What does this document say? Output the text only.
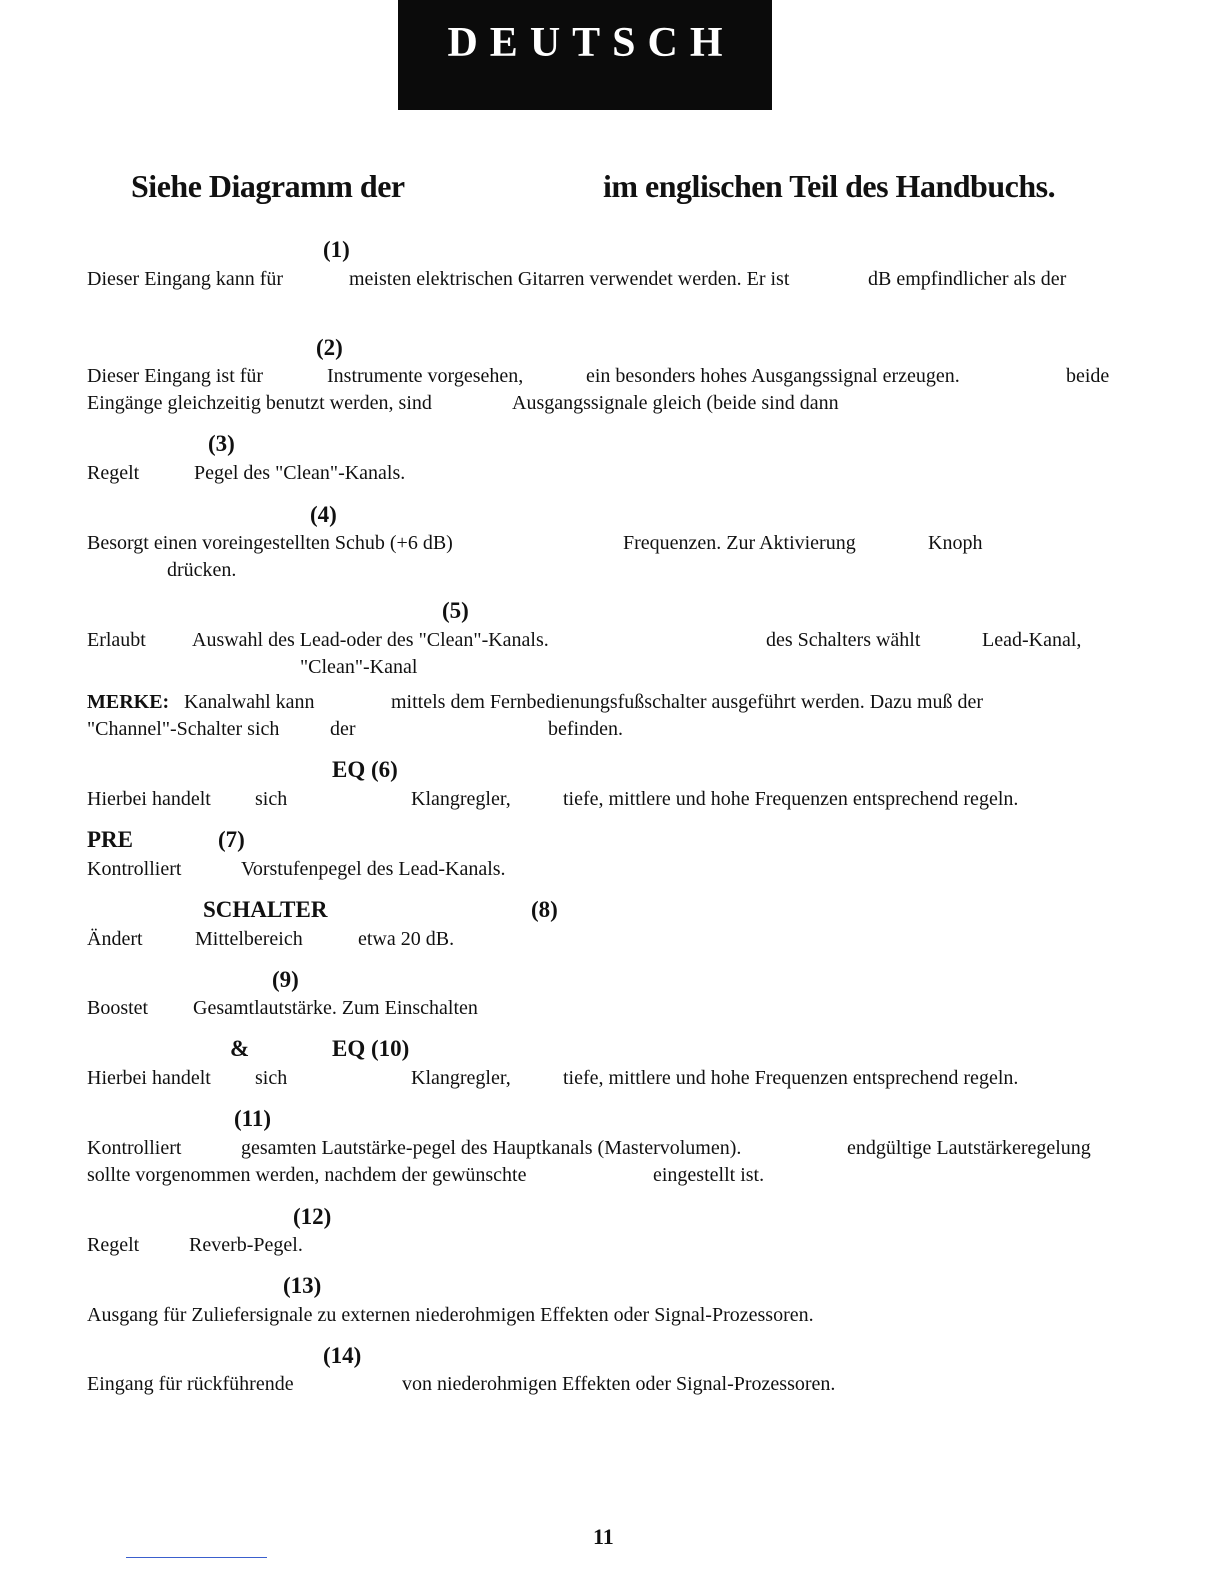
DEUTSCH
Siehe Diagramm der	im englischen Teil des Handbuchs.
(1)
Dieser Eingang kann für	meisten elektrischen Gitarren verwendet werden. Er ist	dB empfindlicher als der
(2)
Dieser Eingang ist für	Instrumente vorgesehen,	ein besonders hohes Ausgangssignal erzeugen.	beide
Eingänge gleichzeitig benutzt werden, sind	Ausgangssignale gleich (beide sind dann
(3)
Regelt	Pegel des "Clean"-Kanals.
(4)
Besorgt einen voreingestellten Schub (+6 dB)	Frequenzen. Zur Aktivierung	Knoph
drücken.
(5)
Erlaubt Auswahl des Lead-oder des "Clean"-Kanals.	des Schalters wählt	Lead-Kanal,
"Clean"-Kanal
MERKE: Kanalwahl kann	mittels dem Fernbedienungsfußschalter ausgeführt werden. Dazu muß der
"Channel"-Schalter sich	der	befinden.
EQ (6)
Hierbei handelt sich	Klangregler,	tiefe, mittlere und hohe Frequenzen entsprechend regeln.
PRE	(7)
Kontrolliert	Vorstufenpegel des Lead-Kanals.
SCHALTER	(8)
Ändert	Mittelbereich	etwa 20 dB.
(9)
Boostet Gesamtlautstärke. Zum Einschalten
&	EQ (10)
Hierbei handelt sich	Klangregler,	tiefe, mittlere und hohe Frequenzen entsprechend regeln.
(11)
Kontrolliert	gesamten Lautstärke-pegel des Hauptkanals (Mastervolumen).	endgültige Lautstärkeregelung
sollte vorgenommen werden, nachdem der gewünschte	eingestellt ist.
(12)
Regelt Reverb-Pegel.
(13)
Ausgang für Zuliefersignale zu externen niederohmigen Effekten oder Signal-Prozessoren.
(14)
Eingang für rückführende	von niederohmigen Effekten oder Signal-Prozessoren.
11
